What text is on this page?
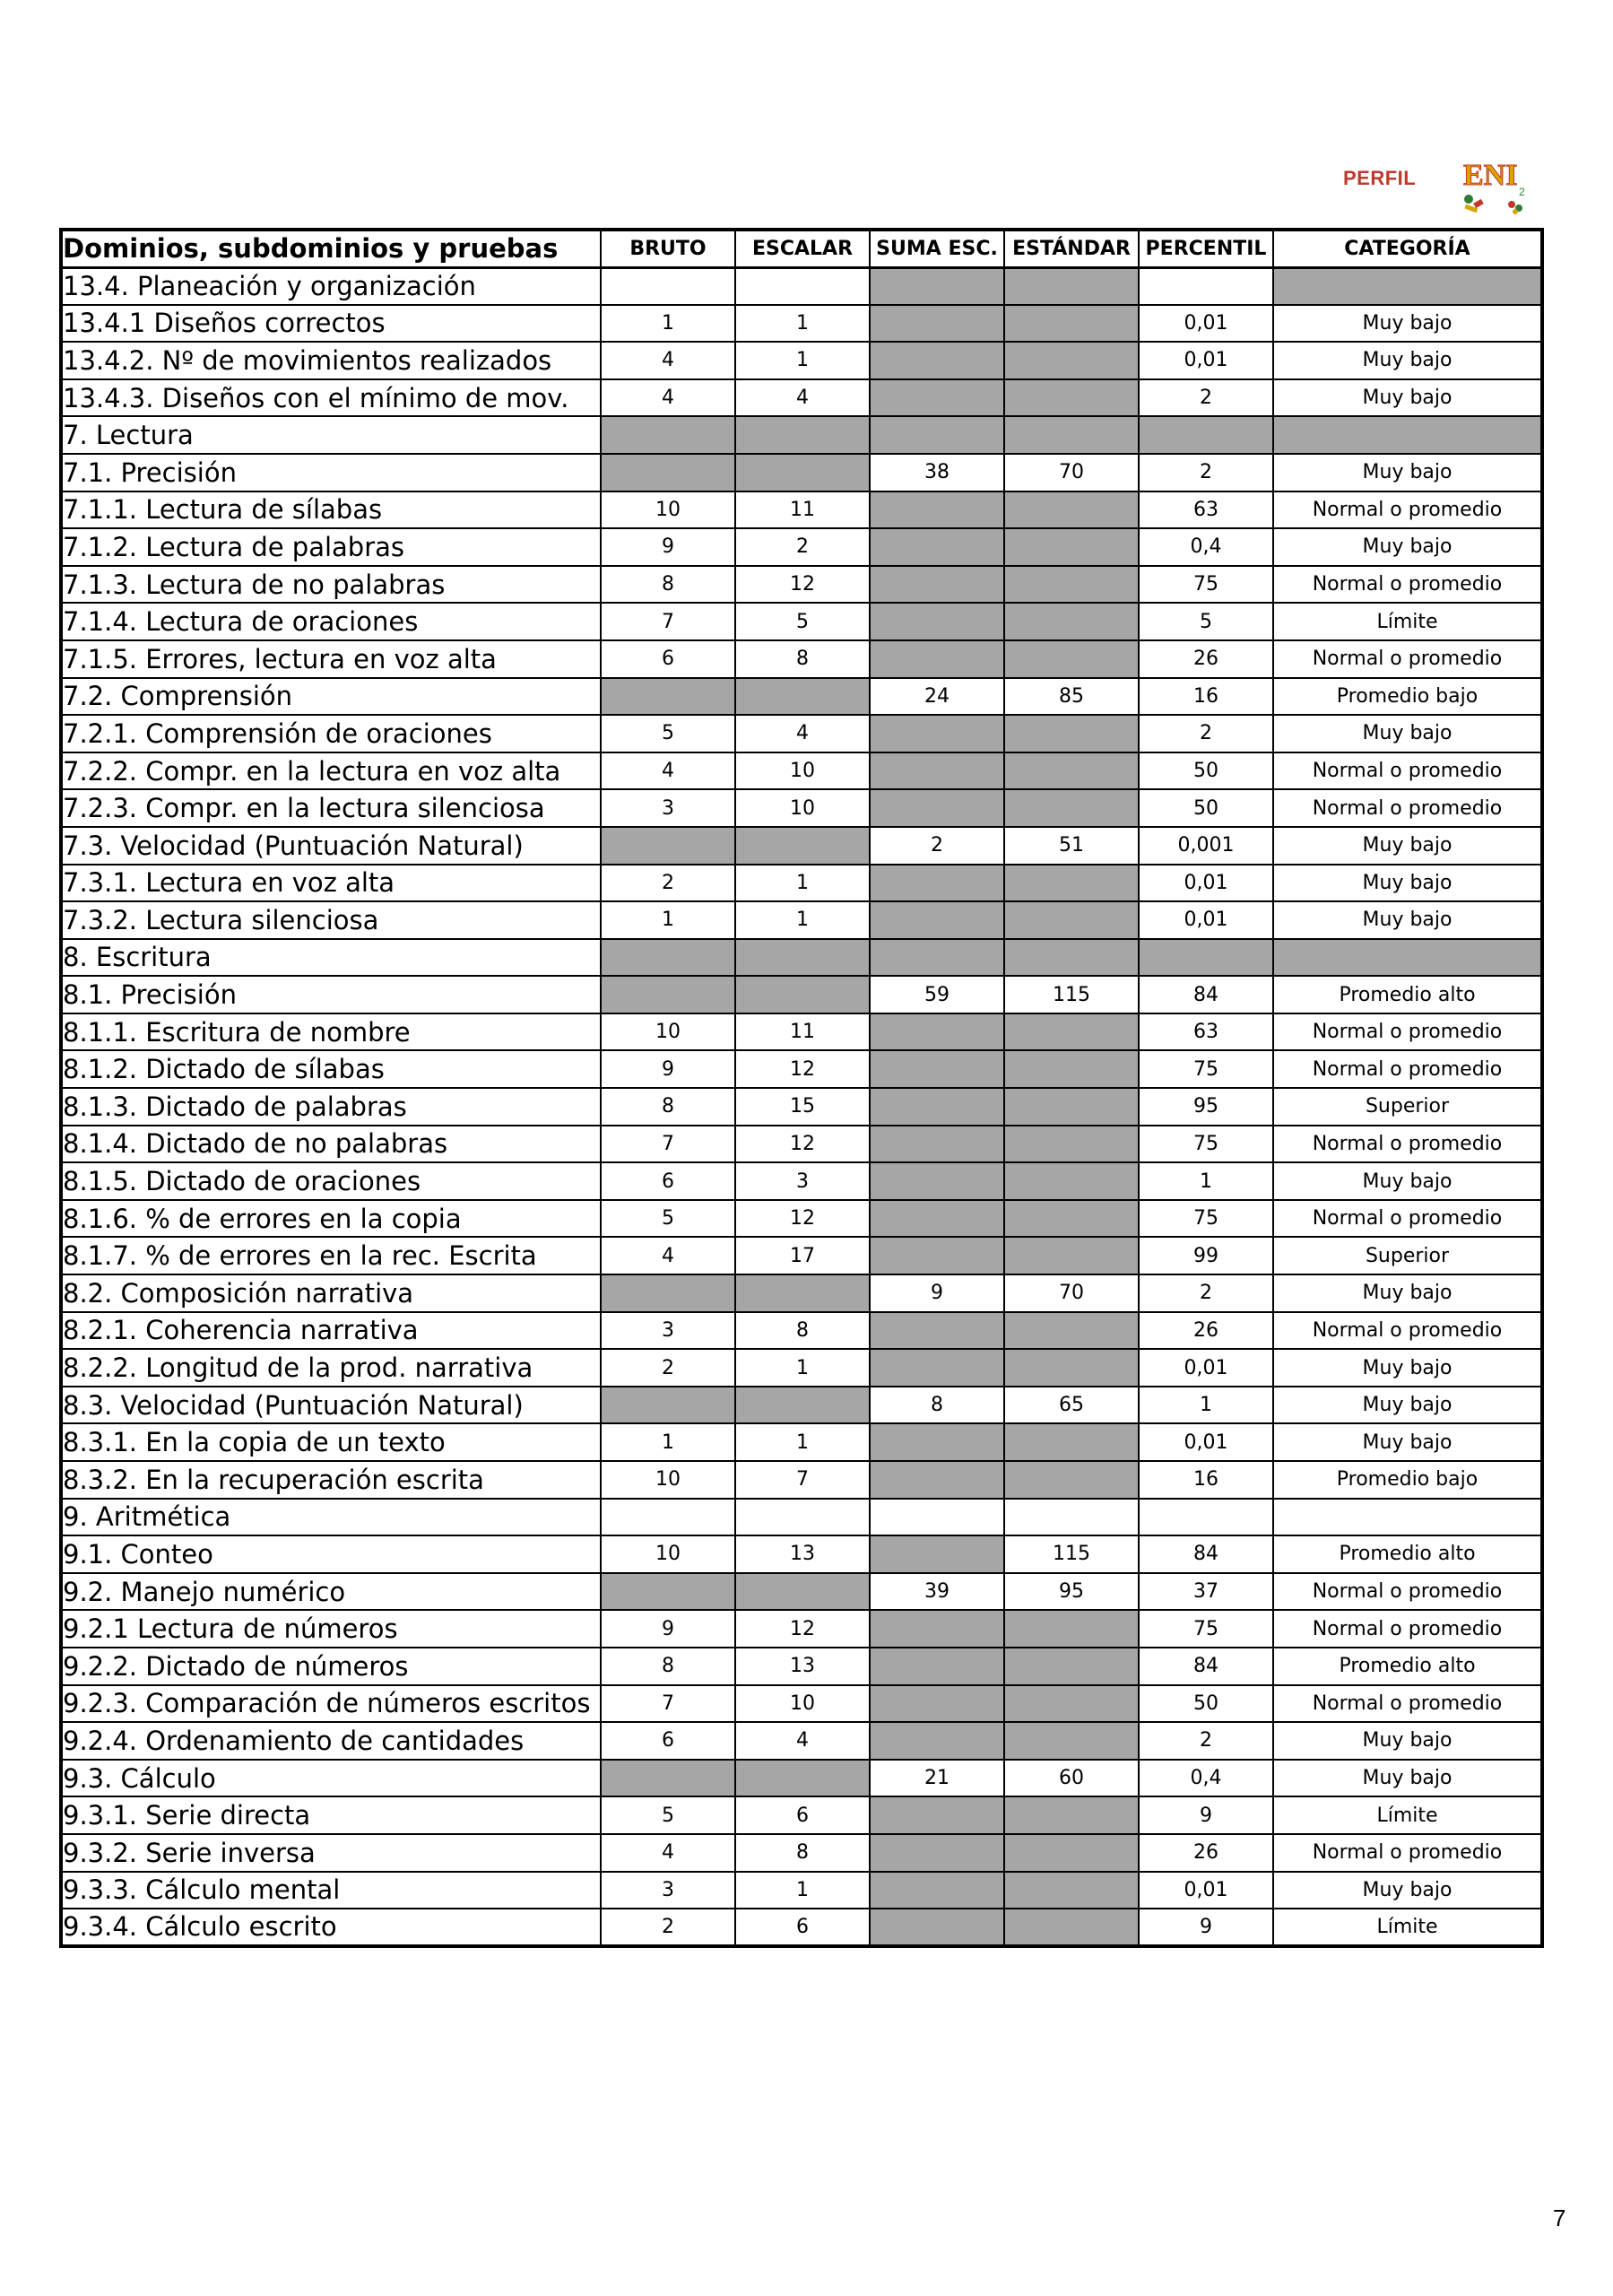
PERFIL ENI 2
Dominios, subdominios y pruebas	BRUTO	ESCALAR	SUMA ESC.	ESTÁNDAR	PERCENTIL	CATEGORÍA
13.4. Planeación y organización						
13.4.1 Diseños correctos	1	1			0,01	Muy bajo
13.4.2. Nº de movimientos realizados	4	1			0,01	Muy bajo
13.4.3. Diseños con el mínimo de mov.	4	4			2	Muy bajo
7. Lectura						
7.1. Precisión			38	70	2	Muy bajo
7.1.1. Lectura de sílabas	10	11			63	Normal o promedio
7.1.2. Lectura de palabras	9	2			0,4	Muy bajo
7.1.3. Lectura de no palabras	8	12			75	Normal o promedio
7.1.4. Lectura de oraciones	7	5			5	Límite
7.1.5. Errores, lectura en voz alta	6	8			26	Normal o promedio
7.2. Comprensión			24	85	16	Promedio bajo
7.2.1. Comprensión de oraciones	5	4			2	Muy bajo
7.2.2. Compr. en la lectura en voz alta	4	10			50	Normal o promedio
7.2.3. Compr. en la lectura silenciosa	3	10			50	Normal o promedio
7.3. Velocidad (Puntuación Natural)			2	51	0,001	Muy bajo
7.3.1. Lectura en voz alta	2	1			0,01	Muy bajo
7.3.2. Lectura silenciosa	1	1			0,01	Muy bajo
8. Escritura						
8.1. Precisión			59	115	84	Promedio alto
8.1.1. Escritura de nombre	10	11			63	Normal o promedio
8.1.2. Dictado de sílabas	9	12			75	Normal o promedio
8.1.3. Dictado de palabras	8	15			95	Superior
8.1.4. Dictado de no palabras	7	12			75	Normal o promedio
8.1.5. Dictado de oraciones	6	3			1	Muy bajo
8.1.6. % de errores en la copia	5	12			75	Normal o promedio
8.1.7. % de errores en la rec. Escrita	4	17			99	Superior
8.2. Composición narrativa			9	70	2	Muy bajo
8.2.1. Coherencia narrativa	3	8			26	Normal o promedio
8.2.2. Longitud de la prod. narrativa	2	1			0,01	Muy bajo
8.3. Velocidad (Puntuación Natural)			8	65	1	Muy bajo
8.3.1. En la copia de un texto	1	1			0,01	Muy bajo
8.3.2. En la recuperación escrita	10	7			16	Promedio bajo
9. Aritmética						
9.1. Conteo	10	13		115	84	Promedio alto
9.2. Manejo numérico			39	95	37	Normal o promedio
9.2.1 Lectura de números	9	12			75	Normal o promedio
9.2.2. Dictado de números	8	13			84	Promedio alto
9.2.3. Comparación de números escritos	7	10			50	Normal o promedio
9.2.4. Ordenamiento de cantidades	6	4			2	Muy bajo
9.3. Cálculo			21	60	0,4	Muy bajo
9.3.1. Serie directa	5	6			9	Límite
9.3.2. Serie inversa	4	8			26	Normal o promedio
9.3.3. Cálculo mental	3	1			0,01	Muy bajo
9.3.4. Cálculo escrito	2	6			9	Límite
7
